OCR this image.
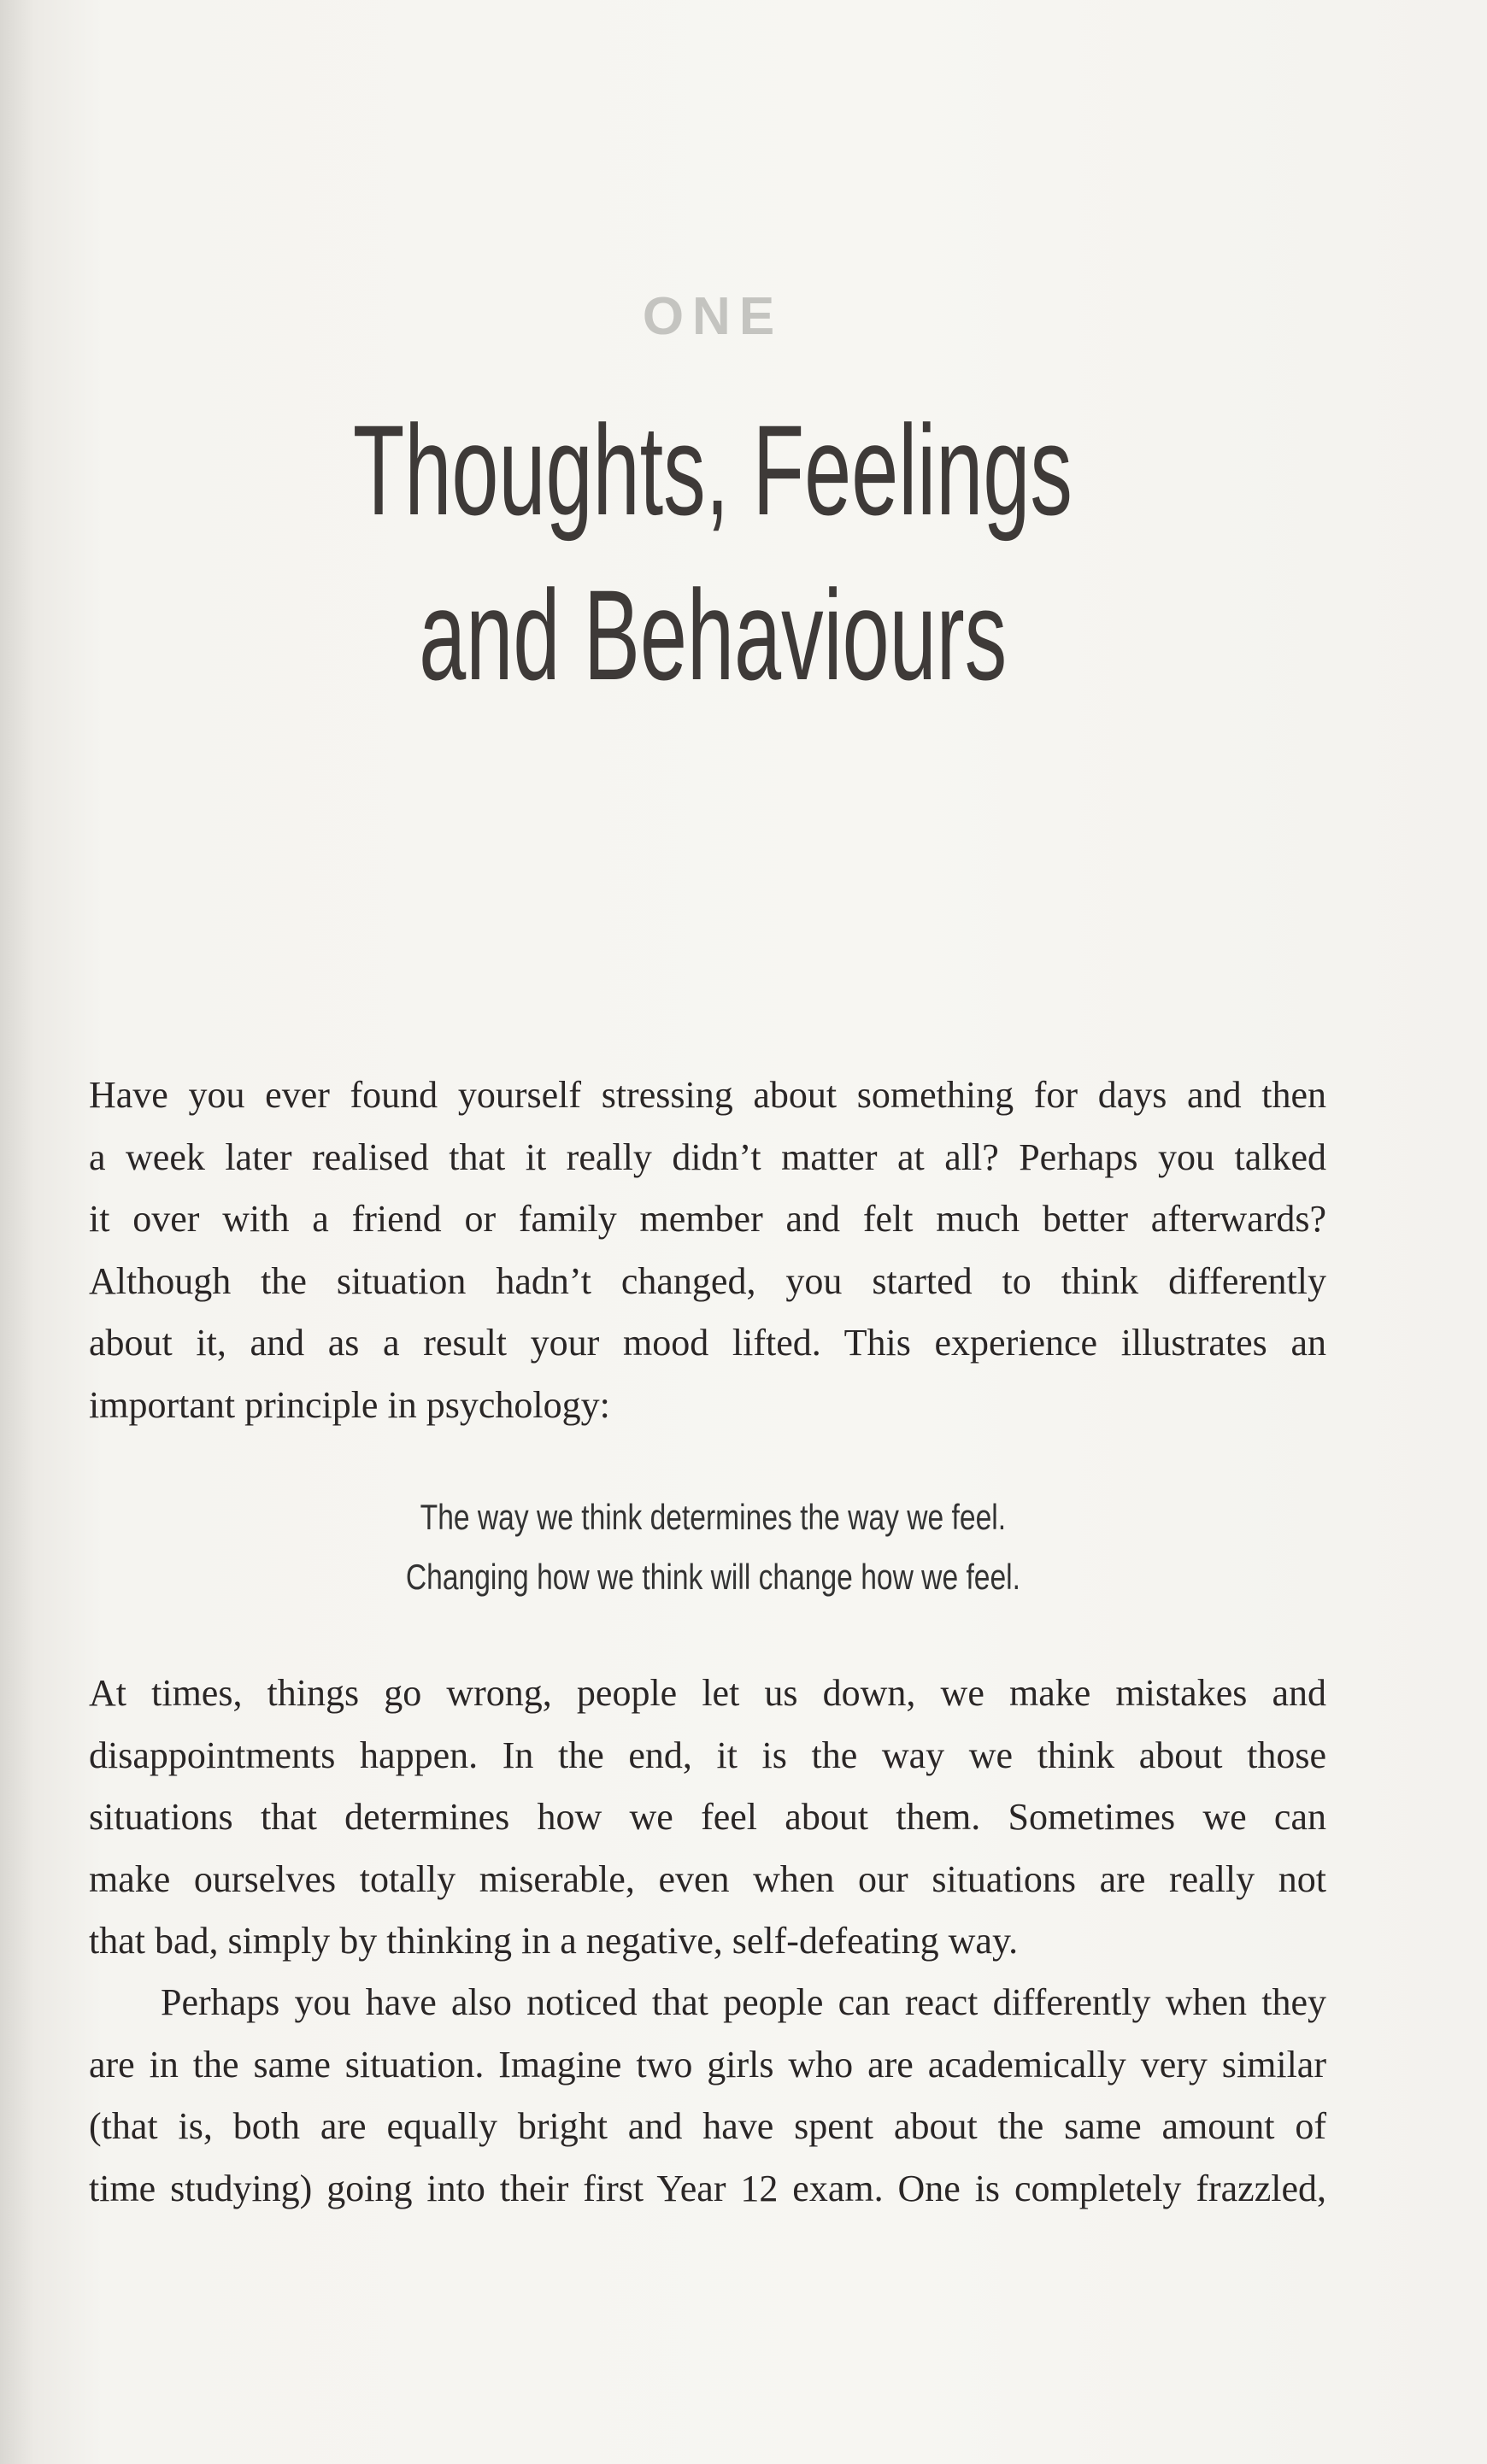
ONE
Thoughts, Feelings
and Behaviours
Have you ever found yourself stressing about something for days and then
a week later realised that it really didn’t matter at all? Perhaps you talked
it over with a friend or family member and felt much better afterwards?
Although the situation hadn’t changed, you started to think differently
about it, and as a result your mood lifted. This experience illustrates an
important principle in psychology:
The way we think determines the way we feel.
Changing how we think will change how we feel.
At times, things go wrong, people let us down, we make mistakes and
disappointments happen. In the end, it is the way we think about those
situations that determines how we feel about them. Sometimes we can
make ourselves totally miserable, even when our situations are really not
that bad, simply by thinking in a negative, self-defeating way.
Perhaps you have also noticed that people can react differently when they
are in the same situation. Imagine two girls who are academically very similar
(that is, both are equally bright and have spent about the same amount of
time studying) going into their first Year 12 exam. One is completely frazzled,
